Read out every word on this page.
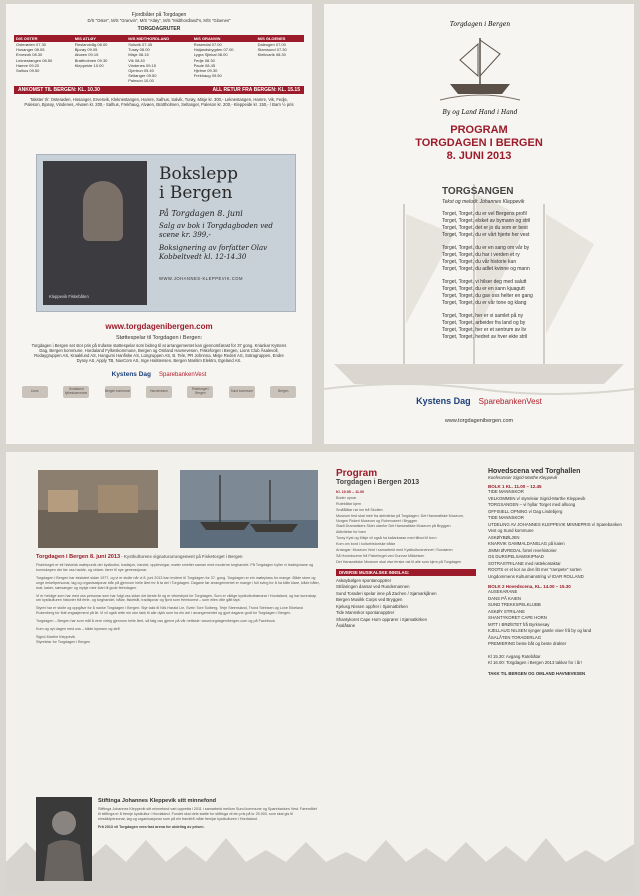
Fjordbåter på Torgdagen
D/S "Oster", M/S "Granvin", M/S "Atløy", M/S "Midthordland"s, M/S "Gloenes"
TORGDAGRUTER
D/S OSTER	M/S ATLØY	M/S MIDTHORDLAND	M/S GRANVIN	M/S GLOENES
Osterøden 07.30	Fleslandvåg 08.00	Solsvik 07.45	Rosendal 07.00	Daleogen 07.00
Hosanger 08.05	Bjorøy 09.05	Turøy 08.00	Haljandsbygden 07.00	Stamsund 07.30
Ervesvik 08.30	Alvøen 09.15	Misje 08.15	Lygra Sjiekal 08.00	Kleikvarik 08.30
Leknestangen 08.50	Brattholmen 09.30	Vik 08.40	Fedje 08.30	
Hamre 09.20	Kleppeide 10.00	Vindenes 09.15	Paule 08.45	
Salhus 09.50		Gjertrun 09.40	Hjelme 09.30	
		Seltanger 09.50	Frekhaug 09.50	
		Paleson 10.00		
ANKOMST TIL BERGEN: KL. 10.30	ALL RETUR FRA BERGEN: KL. 15.15
Takster t/r: Osterøden, Hosanger, Ervesvik, Kleknestangen, Hamre, Salhus, Salvik, Turøy, Misje kr. 300,- Leknestangen, Hamre, Vik, Fedje, Paleson, Bjorøy, Vindenes, Alvøen kr. 200,- Salhus, Frekhaug, Alvøen, Brattholmen, Seltanger, Paleson kr. 200,- Kleppeide kr. 150,- / Barn ½ pris
Kleppevik Fiskebåten
Bokslepp
i Bergen
På Torgdagen 8. juni
Salg av bok i Torgdagboden ved scene kr. 399,-
Boksignering av forfatter Olav Kobbeltvedt kl. 12-14.30
WWW.JOHANNES-KLEPPEVIK.COM
www.torgdagenibergen.com
Støttespelar til Torgdagen i Bergen:
Torgdagen i Bergen set stor pris på trufaste støttespelar som bidreg til at arrangementet kan gjennomførast for 37 gong. Kriankar Kystens Dag, Bergen kommune, Hordaland Fylkeskommune, Bergen og Omland Havnevesen, Fiskeforget i Bergen, Lions Club Åsalevoll, Rodaygruppen AS, Kraaklund AS, Hangumi Hanfiske AS, Lüngruppen AS, B. Tele, PR Johnnna, Misje Rederi AS, Sotragruppen, Endre Dyrøy AS, Apply TB, NavCom AS, Inge Halstensen, Bergen Maritim Elektro, Egeland AS.
Kystens Dag SparebankenVest
Lions	Hordaland fylkeskommune	Bergen kommune	Havnevesen	Fisketorget i Bergen	Sund kommune	Bergen
Torgdagen i Bergen
By og Land Hand i Hand
PROGRAM
TORGDAGEN I BERGEN
8. JUNI 2013
TORGSANGEN
Tekst og melodi: Johannes Kleppevik
Torget, Torget, du er vel Bergens profil
Torget, Torget, elsket av bymann og stril
Torget, Torget, det er jo du som er best
Torget, Torget, du er vårt hjerte her vest
Torget, Torget, du er en sang om vår by
Torget, Torget, du har i verden et ry
Torget, Torget, du vår historie kan
Torget, Torget, du adlet kvinne og mann
Torget, Torget, vi hilser deg med salutt
Torget, Torget, du er en sann kjuagutt
Torget, Torget, du gav oss helter en gang
Torget, Torget, du er vår tone og klang
Torget, Torget, her er vi samlet på ny
Torget, Torget, arbeider fra land og by
Torget, Torget, her er et sentrum av liv
Torget, Torget, hedret av hver ekte stril
Kystens Dag SparebankenVest
www.torgdagenibergen.com
Torgdagen i Bergen 8. juni 2013 - Kystkulturens signaturarrangement på Fisketorget i Bergen
Fisketorget er eit historisk møtepunkt der kystkultur, tradisjon, handel, opplevingar, møter smelter saman med moderne torghandel. På Torgdagen hyller vi tradisjonane og kunnskapen der før oss hadde, og vidare- fører til nye generasjonar.
Torgdagen i Bergen har eksistert sidan 1977, og vi er stolte når vi 8. juni 2013 kan invitere til Torgdagen for 37. gong. Torgdagen er ein møteplass for mange. Både store og unge enkeltpersonar, lag og organisasjonar står på gjennom heile året for å ta del i Torgdagen. Dagane før arrangementet er mange i full sving for å ha båte klare, både båter, mat, kaker, særsanger og mykje meir klart til gode feiredagen.
Vi er heldige som har med oss personar som har fulgt oss sidan dei første år og er vitnesbyrd for Torgdagen. Som er viktige kystkulturbærarar i Hordaland, og har kunnskap om kystkulturen historier frå ferie- og torghandel, båtar, fiskebåt, tradisjonar og fjord som fremkomst – som elles ville gått tapt.
Styret har er stolte og oppgåve for å nanke Torgdagen i Bergen. Styr takk til Nils Harald Lie, Svein Tore Solberg, Terje Steensland, Trond Steinsen og Lone Eikeland Rubenberg for flott engasjement på år. Vi vil også rette ein stor takk til alle dykk som ha ein del i arrangementet og gjort dagane godt for Torgdagen i Bergen.
Torgdagen – Bergen har som mål å vere vidrig gjennom heile året, så følg oss gjerne på vår nettside: www.torgdagenibergen.com og på Facebook.
Kom og nyt dagen med oss – både bymann og stril!
Sigrid-Marthe Kleppevik
Styreleiar for Torgdagen i Bergen
Stiftinga Johannes Kleppevik sitt minnefond
Stiftinga Johannes Kleppevik sitt minnefond vart oppretta i 2011 i samarbeid mellom Sund kommune og Sparebanken Vest. Føremålet til stiftinga er å fremje kystkultur i Hordaland. Fondet skal dele støtte for stiftinga vil ein pris på kr 25.000, som skal gis til einskildpersonar, lag og organisasjonar som på ein framifrå måte fremjar kystkulturen i Hordaland.
Frå 2013 vil Torgdagen vera fast arena for utdeling av prisen.
Program
Torgdagen i Bergen 2013
Kl. 10.00 – 11.00
Boder opnar
Rutebåtar kjem
SmåBåtar rør inn frå Skolten
Museum fest skal meir fra aktivitetar på Torgdagen: Det Hanseatiske Museum, Norges Fiskeri Museum og Ruinmuseet i Bryggen
Stadt Dramatisers Skier utanfor Det Hanseatiske Museum på Bryggen
Aktivitetar for barn
Turay Kyst og Misje vil også ha kallarkasse med tilbod til born
Kom om bord i kulturhistoriske båtar
Arrangør: Museum Vest i samarbeid med Kystkulturarvinnet i Sundøren
Så Hovedscene frå Fiskeforget ved Gunnar Mikkelsen
Det Hanseatiske Museum skal vise ferske ost til alle som kjem på Torgdagen
DIVERSE MUSIKALSKE INNSLAG:
Askøybølgen spontanopptrer
Strilaringen dansar ved Rundemannen
Sund Toraderi spelar inne på Zachen / Sjømarkjånen
Bergen Musikk Corps ved Bryggen
Kjelusg Nissen oppfrer i Sjømatbirken
Tide Mannskor spontanopptrer
Shantykoret Cape Horn opprører i Sjømatkirken
Åsalåtane
Hovedscena ved Torghallen
Konferansier Sigrid-Marthe Kleppevik
BOLK 1 KL. 11.00 – 12.45
TIDE MANNSKOR
VELKOMMEN v/ styreleiar Sigrid-Marthe Kleppevik
TORGSANGEN – vi hyllar Torget med allsong
OFFISIELL OPNING v/ Dag Lindebjerg
TIDE MANNSKOR
UTDELING AV JOHANNES KLEPPEVIK MINNEPRIS v/ Sparebanken Vest og Sund kommune
ASKØYBØLJEN
KNARVIK GAMMALDANSLAG på kaien
JIMMI ØVREDAL fortel revehistorier
OS DURSPELSAMSKIPNAD
SOTRASTRILANE med rattekontaktar
ROOTS er et kor av den litt mer "rampete" sorten
Ungdommens Kulturmønstring v/ IDAR ROLLAND
BOLK 2 Hovedscena, KL. 14.00 – 15.30
AUSEKARANE
DANS PÅ KAIEN
SUND TREKKSPELKLUBB
ASKØY STRILANE
SHANTYKORET CAPE HORN
MITT I BRØSTET frå Byrknesøy
KJELLAUG NILSEN synger gamle viser frå by og land
ÅSALÅTEN TORADERLAG
PREMIERING beste båt og beste drakter
Kl 15.30: Avgang Rutebåtar
Kl 16.00: Torgdagen i Bergen 2013 takkar for i år!
TAKK TIL BERGEN OG OMLAND HAVNEVESEN
